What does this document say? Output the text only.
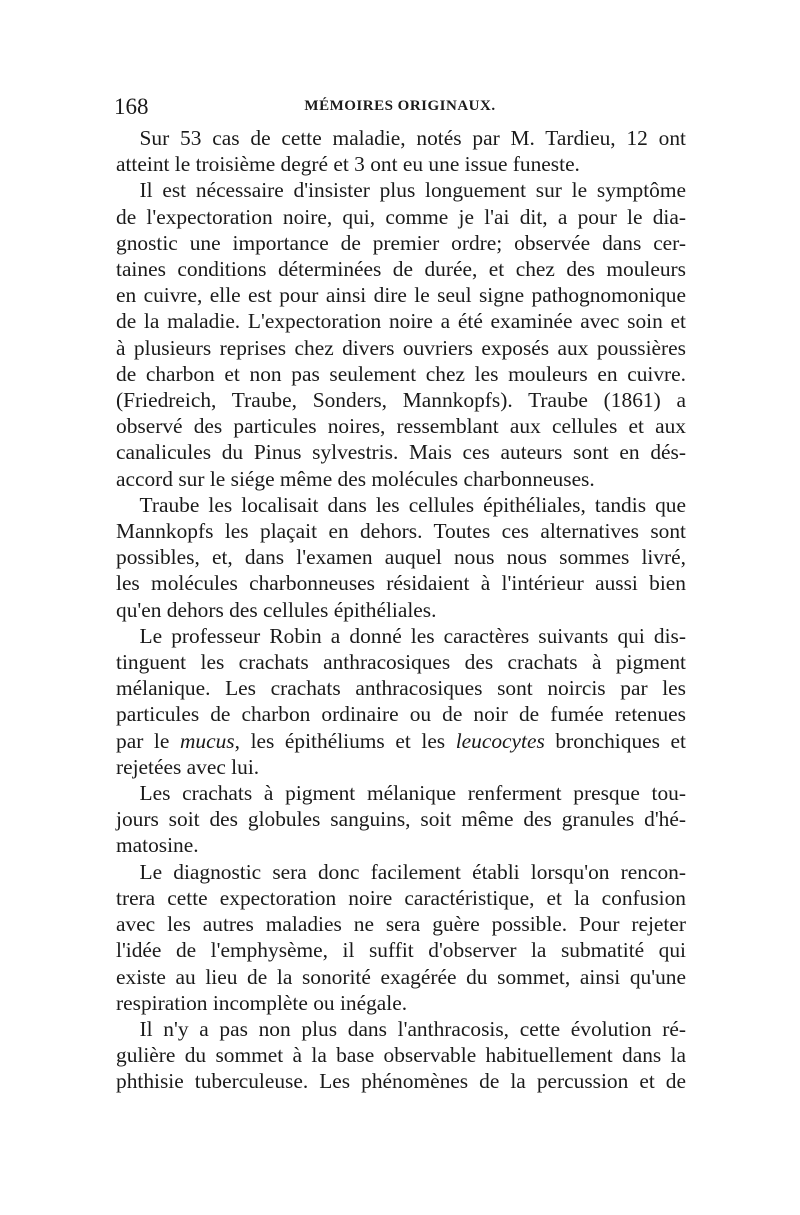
168	MÉMOIRES ORIGINAUX.

Sur 53 cas de cette maladie, notés par M. Tardieu, 12 ont
atteint le troisième degré et 3 ont eu une issue funeste.

Il est nécessaire d'insister plus longuement sur le symptôme
de l'expectoration noire, qui, comme je l'ai dit, a pour le dia-
gnostic une importance de premier ordre; observée dans cer-
taines conditions déterminées de durée, et chez des mouleurs
en cuivre, elle est pour ainsi dire le seul signe pathognomonique
de la maladie. L'expectoration noire a été examinée avec soin et
à plusieurs reprises chez divers ouvriers exposés aux poussières
de charbon et non pas seulement chez les mouleurs en cuivre.
(Friedreich, Traube, Sonders, Mannkopfs). Traube (1861) a
observé des particules noires, ressemblant aux cellules et aux
canalicules du Pinus sylvestris. Mais ces auteurs sont en dés-
accord sur le siége même des molécules charbonneuses.

Traube les localisait dans les cellules épithéliales, tandis que
Mannkopfs les plaçait en dehors. Toutes ces alternatives sont
possibles, et, dans l'examen auquel nous nous sommes livré,
les molécules charbonneuses résidaient à l'intérieur aussi bien
qu'en dehors des cellules épithéliales.

Le professeur Robin a donné les caractères suivants qui dis-
tinguent les crachats anthracosiques des crachats à pigment
mélanique. Les crachats anthracosiques sont noircis par les
particules de charbon ordinaire ou de noir de fumée retenues
par le mucus, les épithéliums et les leucocytes bronchiques et
rejetées avec lui.

Les crachats à pigment mélanique renferment presque tou-
jours soit des globules sanguins, soit même des granules d'hé-
matosine.

Le diagnostic sera donc facilement établi lorsqu'on rencon-
trera cette expectoration noire caractéristique, et la confusion
avec les autres maladies ne sera guère possible. Pour rejeter
l'idée de l'emphysème, il suffit d'observer la submatité qui
existe au lieu de la sonorité exagérée du sommet, ainsi qu'une
respiration incomplète ou inégale.

Il n'y a pas non plus dans l'anthracosis, cette évolution ré-
gulière du sommet à la base observable habituellement dans la
phthisie tuberculeuse. Les phénomènes de la percussion et de
